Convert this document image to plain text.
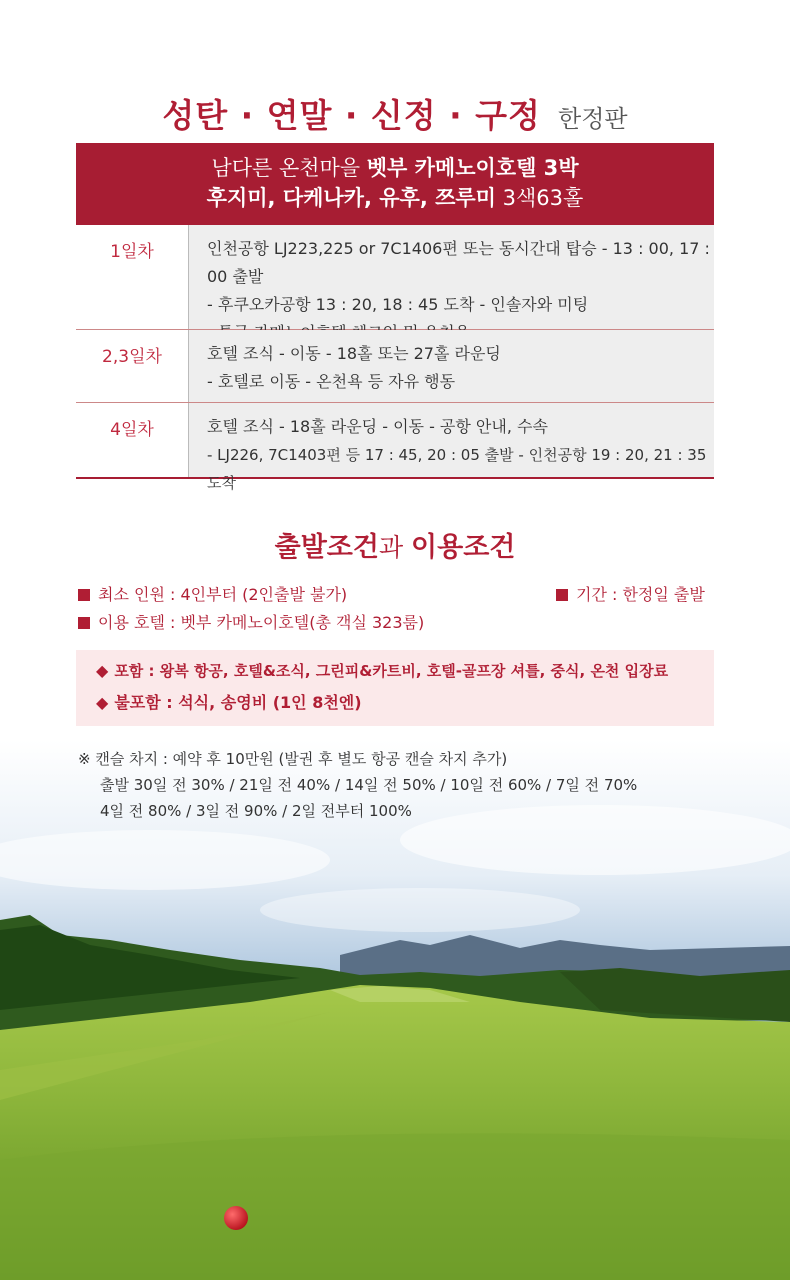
성탄 · 연말 · 신정 · 구정 한정판
남다른 온천마을 벳부 카메노이호텔 3박
후지미, 다케나카, 유후, 쯔루미 3색63홀
1일차	인천공항 LJ223,225 or 7C1406편 또는 동시간대 탑승 - 13 : 00, 17 : 00 출발
- 후쿠오카공항 13 : 20, 18 : 45 도착 - 인솔자와 미팅
2,3일차	호텔 조식 - 이동 - 18홀 또는 27홀 라운딩
- 호텔로 이동 - 온천욕 등 자유 행동
4일차	호텔 조식 - 18홀 라운딩 - 이동 - 공항 안내, 수속
- LJ226, 7C1403편 등 17 : 45, 20 : 05 출발 - 인천공항 19 : 20, 21 : 35 도착
출발조건과 이용조건
최소 인원 : 4인부터 (2인출발 불가)	기간 : 한정일 출발
이용 호텔 : 벳부 카메노이호텔(총 객실 323룸)
◆ 포함 : 왕복 항공, 호텔&조식, 그린피&카트비, 호텔-골프장 셔틀, 중식, 온천 입장료
◆ 불포함 : 석식, 송영비 (1인 8천엔)
※ 캔슬 차지 : 예약 후 10만원 (발권 후 별도 항공 캔슬 차지 추가)
출발 30일 전 30% / 21일 전 40% / 14일 전 50% / 10일 전 60% / 7일 전 70%
4일 전 80% / 3일 전 90% / 2일 전부터 100%
